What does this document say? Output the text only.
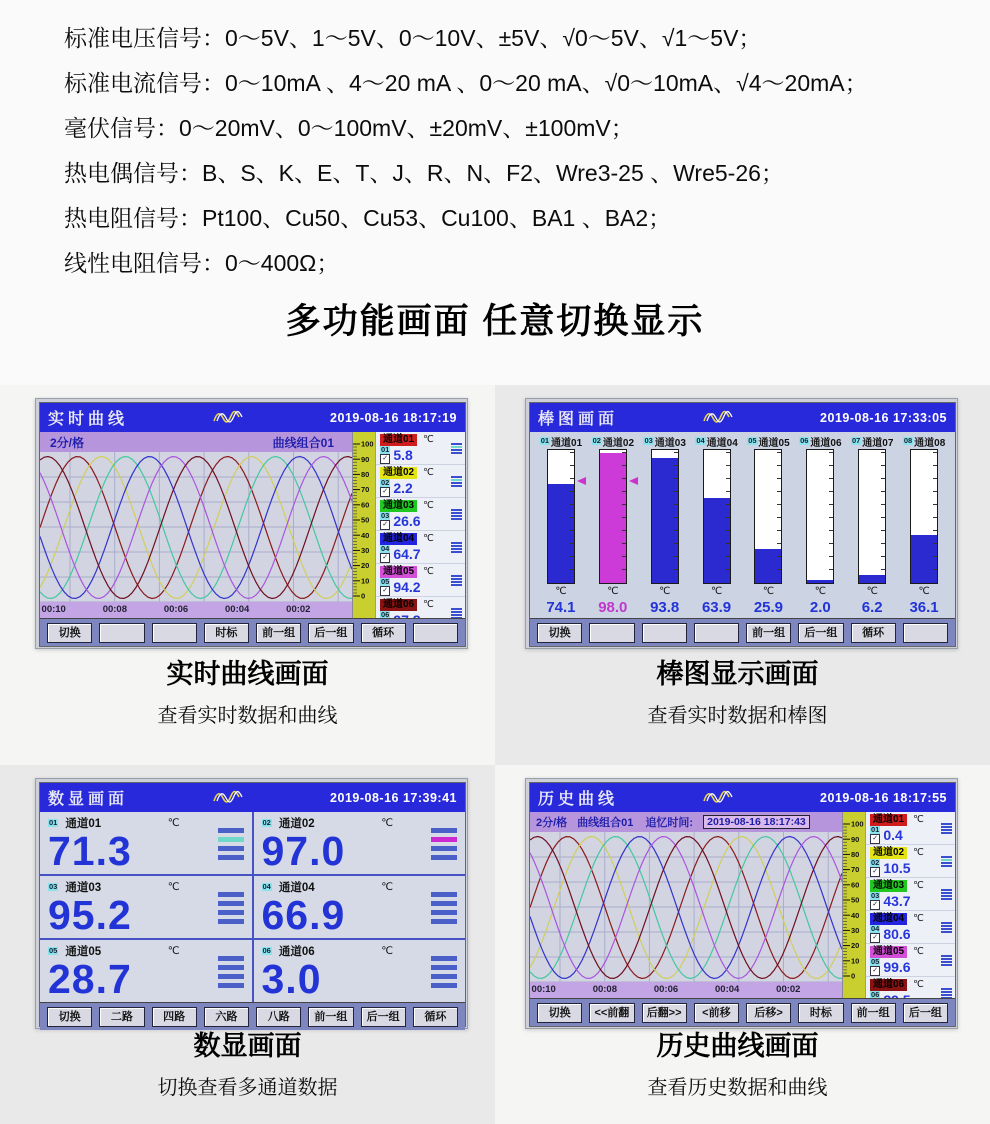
标准电压信号：0～5V、1～5V、0～10V、±5V、√0～5V、√1～5V；
标准电流信号：0～10mA 、4～20 mA 、0～20 mA、√0～10mA、√4～20mA；
毫伏信号：0～20mV、0～100mV、±20mV、±100mV；
热电偶信号：B、S、K、E、T、J、R、N、F2、Wre3-25 、Wre5-26；
热电阻信号：Pt100、Cu50、Cu53、Cu100、BA1 、BA2；
线性电阻信号：0～400Ω；
多功能画面 任意切换显示
实时曲线	2019-08-16 18:17:19
2分/格	曲线组合01
00:10	00:08	00:06	00:04	00:02
100
90
80
70
60
50
40
30
20
10
0
通道01 ℃
01
✓ 5.8
通道02 ℃
02
✓ 2.2
通道03 ℃
03
✓ 26.6
通道04 ℃
04
✓ 64.7
通道05 ℃
05
✓ 94.2
通道06 ℃
06
切换	时标	前一组	后一组	循环
棒图画面	2019-08-16 17:33:05
01 通道01
℃
74.1
02 通道02
℃
98.0
03 通道03
℃
93.8
04 通道04
℃
63.9
05 通道05
℃
25.9
06 通道06
℃
2.0
07 通道07
℃
6.2
08 通道08
℃
36.1
切换	前一组	后一组	循环
数显画面	2019-08-16 17:39:41
01 通道01	℃
71.3
02 通道02	℃
97.0
03 通道03	℃
95.2
04 通道04	℃
66.9
05 通道05	℃
28.7
06 通道06	℃
3.0
切换	二路	四路	六路	八路	前一组	后一组	循环
历史曲线	2019-08-16 18:17:55
2分/格 曲线组合01 追忆时间:	2019-08-16 18:17:43
00:10	00:08	00:06	00:04	00:02
100
90
80
70
60
50
40
30
20
10
0
通道01 ℃
01
✓ 0.4
通道02 ℃
02
✓ 10.5
通道03 ℃
03
✓ 43.7
通道04 ℃
04
✓ 80.6
通道05 ℃
05
✓ 99.6
通道06 ℃
06
切换	<<前翻	后翻>>	<前移	后移>	时标	前一组	后一组
实时曲线画面
查看实时数据和曲线
棒图显示画面
查看实时数据和棒图
数显画面
切换查看多通道数据
历史曲线画面
查看历史数据和曲线
